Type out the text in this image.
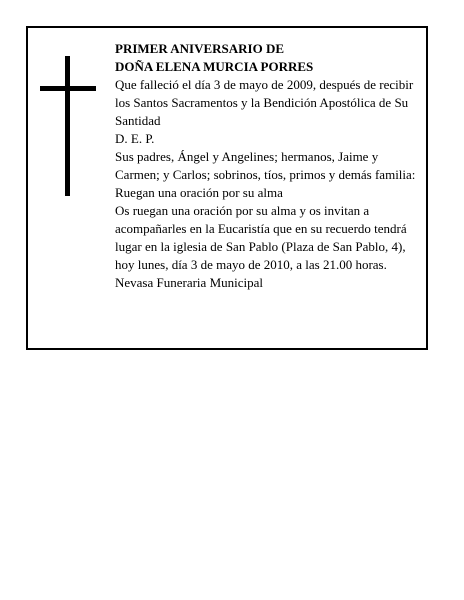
PRIMER ANIVERSARIO DE

DOÑA ELENA MURCIA PORRES

Que falleció el día 3 de mayo de 2009, después de recibir los Santos Sacramentos y la Bendición Apostólica de Su Santidad

D. E. P.

Sus padres, Ángel y Angelines; hermanos, Jaime y Carmen; y Carlos; sobrinos, tíos, primos y demás familia:

Ruegan una oración por su alma

Os ruegan una oración por su alma y os invitan a acompañarles en la Eucaristía que en su recuerdo tendrá lugar en la iglesia de San Pablo (Plaza de San Pablo, 4), hoy lunes, día 3 de mayo de 2010, a las 21.00 horas.

Nevasa Funeraria Municipal
